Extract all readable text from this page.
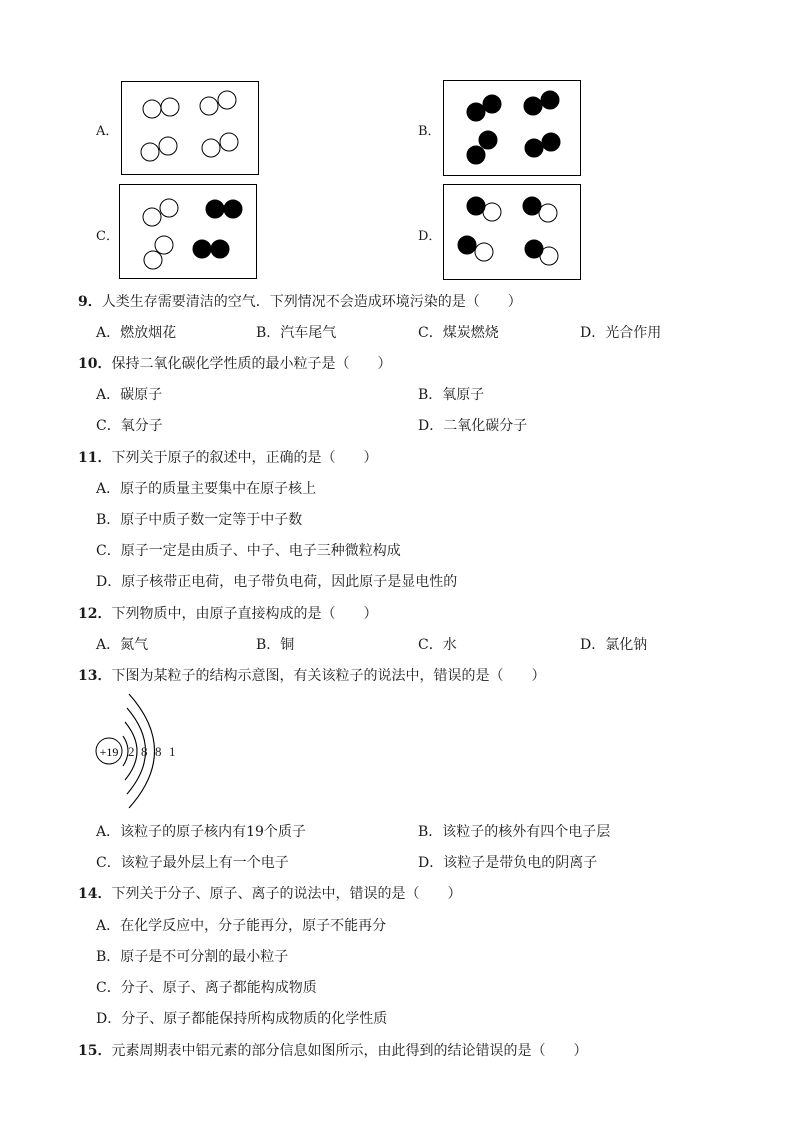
A．	B．
C．	D．
9．人类生存需要清洁的空气．下列情况不会造成环境污染的是（　　）
A．燃放烟花	B．汽车尾气	C．煤炭燃烧	D．光合作用
10．保持二氧化碳化学性质的最小粒子是（　　）
A．碳原子	B．氧原子
C．氧分子	D．二氧化碳分子
11．下列关于原子的叙述中，正确的是（　　）
A．原子的质量主要集中在原子核上
B．原子中质子数一定等于中子数
C．原子一定是由质子、中子、电子三种微粒构成
D．原子核带正电荷，电子带负电荷，因此原子是显电性的
12．下列物质中，由原子直接构成的是（　　）
A．氮气	B．铜	C．水	D．氯化钠
13．下图为某粒子的结构示意图，有关该粒子的说法中，错误的是（　　）
+19 2 8 8 1
A．该粒子的原子核内有19个质子	B．该粒子的核外有四个电子层
C．该粒子最外层上有一个电子	D．该粒子是带负电的阴离子
14．下列关于分子、原子、离子的说法中，错误的是（　　）
A．在化学反应中，分子能再分，原子不能再分
B．原子是不可分割的最小粒子
C．分子、原子、离子都能构成物质
D．分子、原子都能保持所构成物质的化学性质
15．元素周期表中铝元素的部分信息如图所示，由此得到的结论错误的是（　　）
